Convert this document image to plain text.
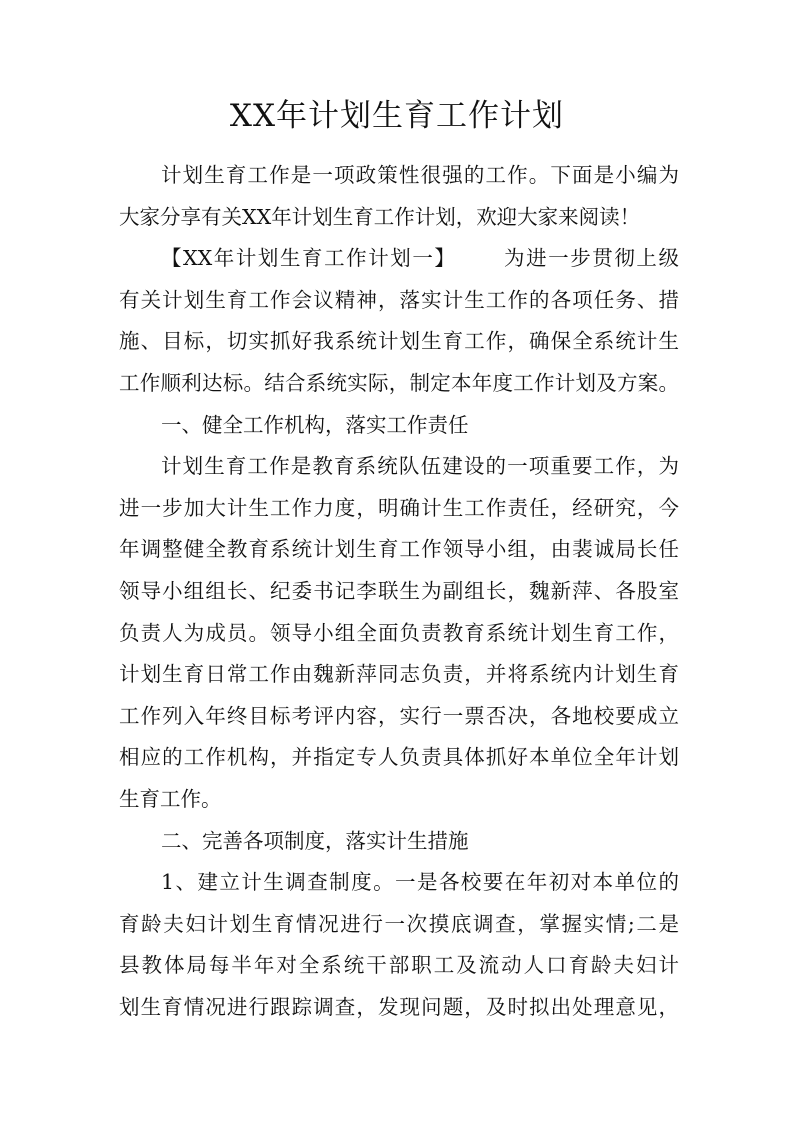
XX年计划生育工作计划
计划生育工作是一项政策性很强的工作。下面是小编为
大家分享有关XX年计划生育工作计划，欢迎大家来阅读！
【XX年计划生育工作计划一】 为进一步贯彻上级
有关计划生育工作会议精神，落实计生工作的各项任务、措
施、目标，切实抓好我系统计划生育工作，确保全系统计生
工作顺利达标。结合系统实际，制定本年度工作计划及方案。
一、健全工作机构，落实工作责任
计划生育工作是教育系统队伍建设的一项重要工作，为
进一步加大计生工作力度，明确计生工作责任，经研究，今
年调整健全教育系统计划生育工作领导小组，由裴诚局长任
领导小组组长、纪委书记李联生为副组长，魏新萍、各股室
负责人为成员。领导小组全面负责教育系统计划生育工作，
计划生育日常工作由魏新萍同志负责，并将系统内计划生育
工作列入年终目标考评内容，实行一票否决，各地校要成立
相应的工作机构，并指定专人负责具体抓好本单位全年计划
生育工作。
二、完善各项制度，落实计生措施
1、建立计生调查制度。一是各校要在年初对本单位的
育龄夫妇计划生育情况进行一次摸底调查，掌握实情;二是
县教体局每半年对全系统干部职工及流动人口育龄夫妇计
划生育情况进行跟踪调查，发现问题，及时拟出处理意见，
